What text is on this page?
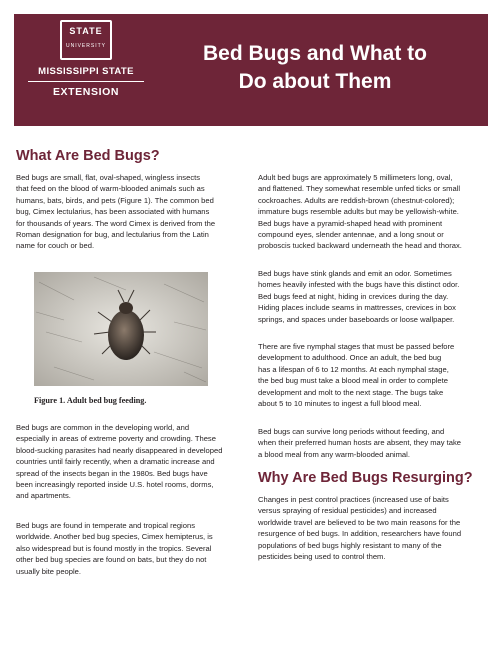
STATE
UNIVERSITY
MISSISSIPPI STATE
EXTENSION
Bed Bugs and What to
Do about Them
What Are Bed Bugs?
Bed bugs are small, flat, oval-shaped, wingless insects
that feed on the blood of warm-blooded animals such as
humans, bats, birds, and pets (Figure 1). The common bed
bug, Cimex lectularius, has been associated with humans
for thousands of years. The word Cimex is derived from the
Roman designation for bug, and lectularius from the Latin
name for couch or bed.
Figure 1. Adult bed bug feeding.
Bed bugs are common in the developing world, and
especially in areas of extreme poverty and crowding. These
blood-sucking parasites had nearly disappeared in developed
countries until fairly recently, when a dramatic increase and
spread of the insects began in the 1980s. Bed bugs have
been increasingly reported inside U.S. hotel rooms, dorms,
and apartments.
Bed bugs are found in temperate and tropical regions
worldwide. Another bed bug species, Cimex hemipterus, is
also widespread but is found mostly in the tropics. Several
other bed bug species are found on bats, but they do not
usually bite people.
Adult bed bugs are approximately 5 millimeters long, oval,
and flattened. They somewhat resemble unfed ticks or small
cockroaches. Adults are reddish-brown (chestnut-colored);
immature bugs resemble adults but may be yellowish-white.
Bed bugs have a pyramid-shaped head with prominent
compound eyes, slender antennae, and a long snout or
proboscis tucked backward underneath the head and thorax.
Bed bugs have stink glands and emit an odor. Sometimes
homes heavily infested with the bugs have this distinct odor.
Bed bugs feed at night, hiding in crevices during the day.
Hiding places include seams in mattresses, crevices in box
springs, and spaces under baseboards or loose wallpaper.
There are five nymphal stages that must be passed before
development to adulthood. Once an adult, the bed bug
has a lifespan of 6 to 12 months. At each nymphal stage,
the bed bug must take a blood meal in order to complete
development and molt to the next stage. The bugs take
about 5 to 10 minutes to ingest a full blood meal.
Bed bugs can survive long periods without feeding, and
when their preferred human hosts are absent, they may take
a blood meal from any warm-blooded animal.
Why Are Bed Bugs Resurging?
Changes in pest control practices (increased use of baits
versus spraying of residual pesticides) and increased
worldwide travel are believed to be two main reasons for the
resurgence of bed bugs. In addition, researchers have found
populations of bed bugs highly resistant to many of the
pesticides being used to control them.
